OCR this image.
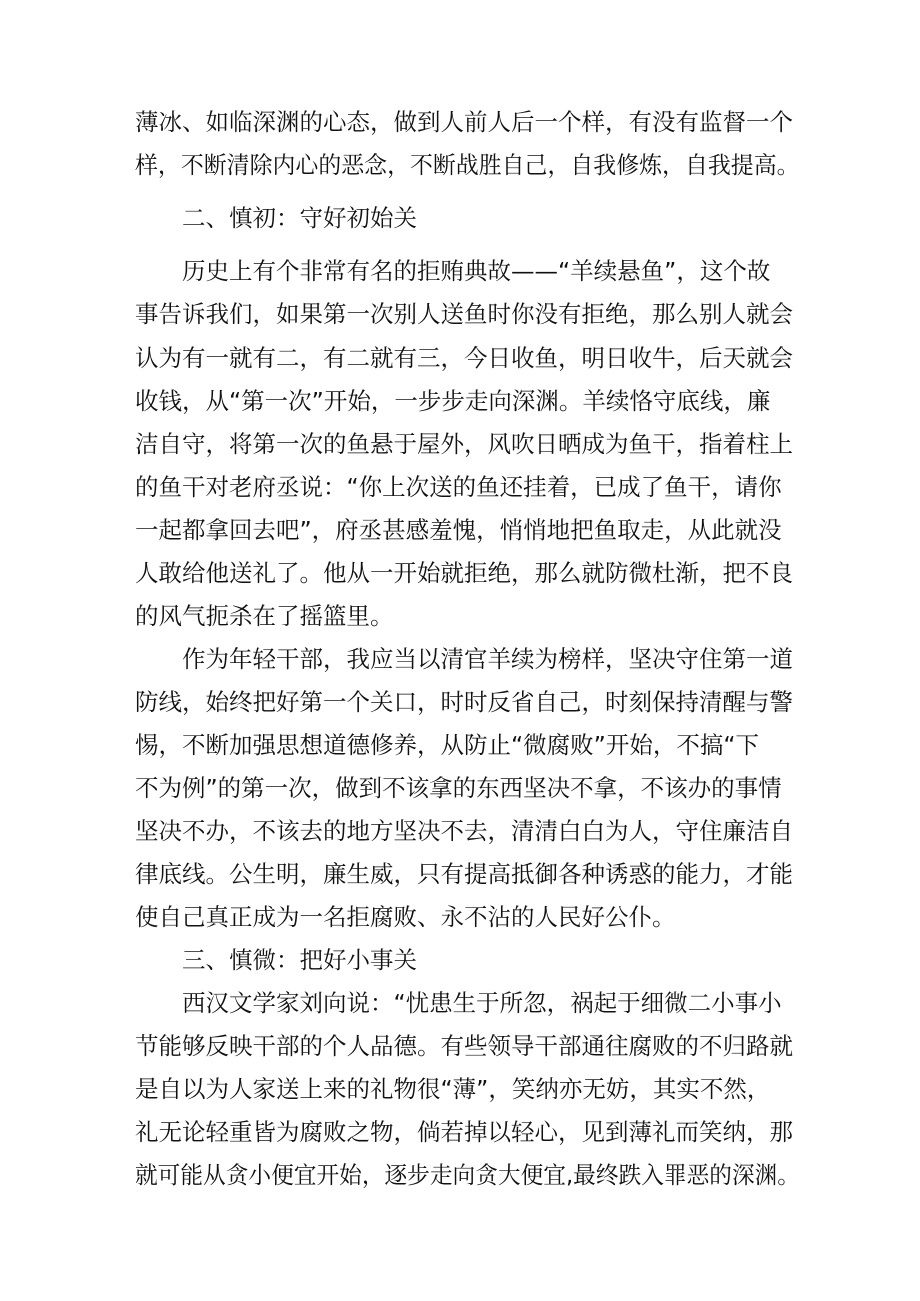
薄冰、如临深渊的心态，做到人前人后一个样，有没有监督一个
样，不断清除内心的恶念，不断战胜自己，自我修炼，自我提高。
二、慎初：守好初始关
历史上有个非常有名的拒贿典故——“羊续悬鱼”，这个故
事告诉我们，如果第一次别人送鱼时你没有拒绝，那么别人就会
认为有一就有二，有二就有三，今日收鱼，明日收牛，后天就会
收钱，从“第一次”开始，一步步走向深渊。羊续恪守底线，廉
洁自守，将第一次的鱼悬于屋外，风吹日晒成为鱼干，指着柱上
的鱼干对老府丞说：“你上次送的鱼还挂着，已成了鱼干，请你
一起都拿回去吧”，府丞甚感羞愧，悄悄地把鱼取走，从此就没
人敢给他送礼了。他从一开始就拒绝，那么就防微杜渐，把不良
的风气扼杀在了摇篮里。
作为年轻干部，我应当以清官羊续为榜样，坚决守住第一道
防线，始终把好第一个关口，时时反省自己，时刻保持清醒与警
惕，不断加强思想道德修养，从防止“微腐败”开始，不搞“下
不为例”的第一次，做到不该拿的东西坚决不拿，不该办的事情
坚决不办，不该去的地方坚决不去，清清白白为人，守住廉洁自
律底线。公生明，廉生威，只有提高抵御各种诱惑的能力，才能
使自己真正成为一名拒腐败、永不沾的人民好公仆。
三、慎微：把好小事关
西汉文学家刘向说：“忧患生于所忽，祸起于细微二小事小
节能够反映干部的个人品德。有些领导干部通往腐败的不归路就
是自以为人家送上来的礼物很“薄”，笑纳亦无妨，其实不然，
礼无论轻重皆为腐败之物，倘若掉以轻心，见到薄礼而笑纳，那
就可能从贪小便宜开始，逐步走向贪大便宜,最终跌入罪恶的深渊。
